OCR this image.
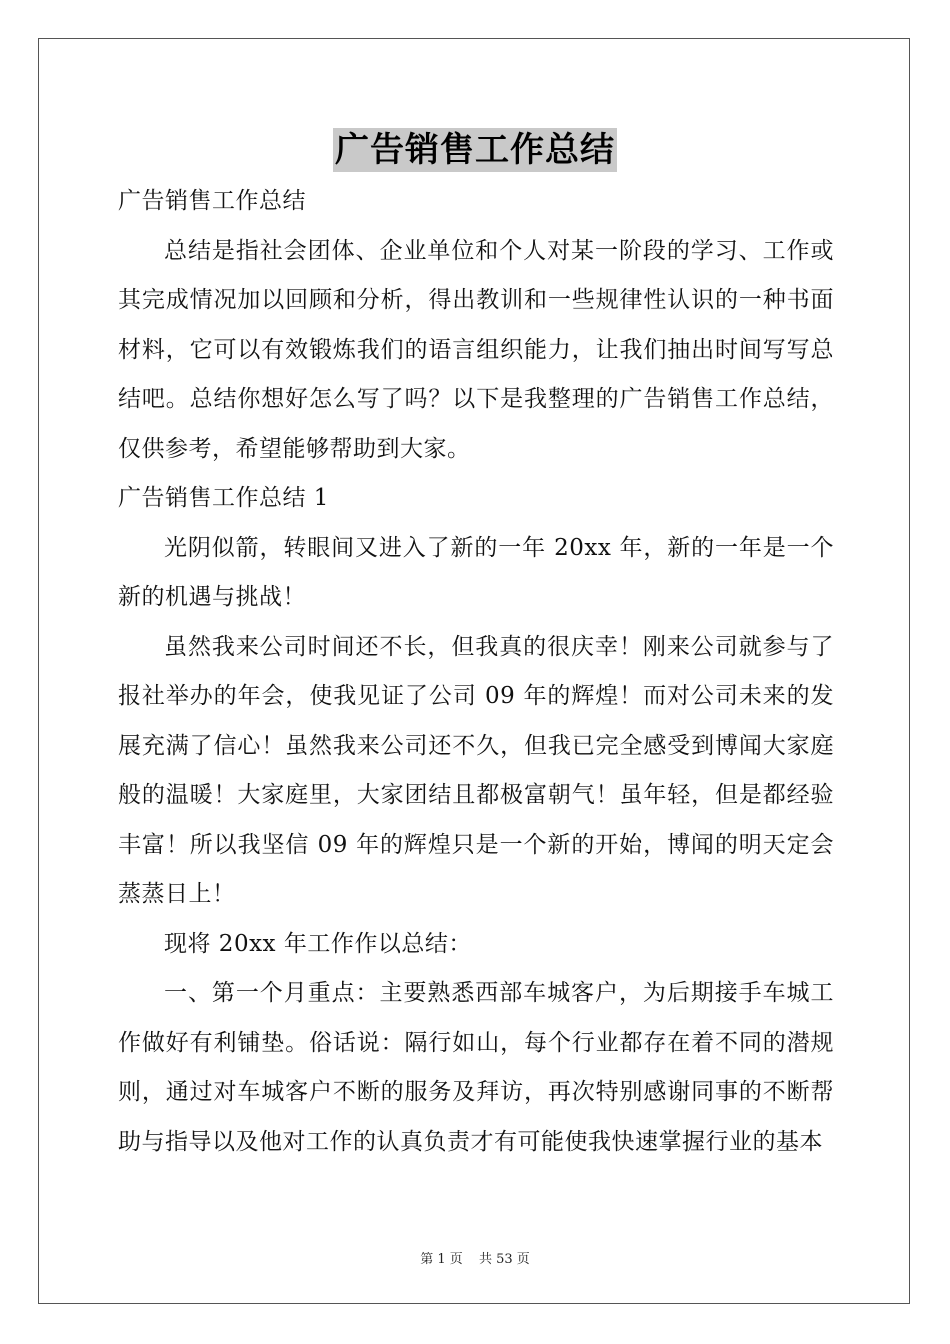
广告销售工作总结

广告销售工作总结

总结是指社会团体、企业单位和个人对某一阶段的学习、工作或其完成情况加以回顾和分析，得出教训和一些规律性认识的一种书面材料，它可以有效锻炼我们的语言组织能力，让我们抽出时间写写总结吧。总结你想好怎么写了吗？以下是我整理的广告销售工作总结，仅供参考，希望能够帮助到大家。

广告销售工作总结 1

光阴似箭，转眼间又进入了新的一年 20xx 年，新的一年是一个新的机遇与挑战！

虽然我来公司时间还不长，但我真的很庆幸！刚来公司就参与了报社举办的年会，使我见证了公司 09 年的辉煌！而对公司未来的发展充满了信心！虽然我来公司还不久，但我已完全感受到博闻大家庭般的温暖！大家庭里，大家团结且都极富朝气！虽年轻，但是都经验丰富！所以我坚信 09 年的辉煌只是一个新的开始，博闻的明天定会蒸蒸日上！

现将 20xx 年工作作以总结：

一、第一个月重点：主要熟悉西部车城客户，为后期接手车城工作做好有利铺垫。俗话说：隔行如山，每个行业都存在着不同的潜规则，通过对车城客户不断的服务及拜访，再次特别感谢同事的不断帮助与指导以及他对工作的认真负责才有可能使我快速掌握行业的基本

第 1 页 共 53 页
